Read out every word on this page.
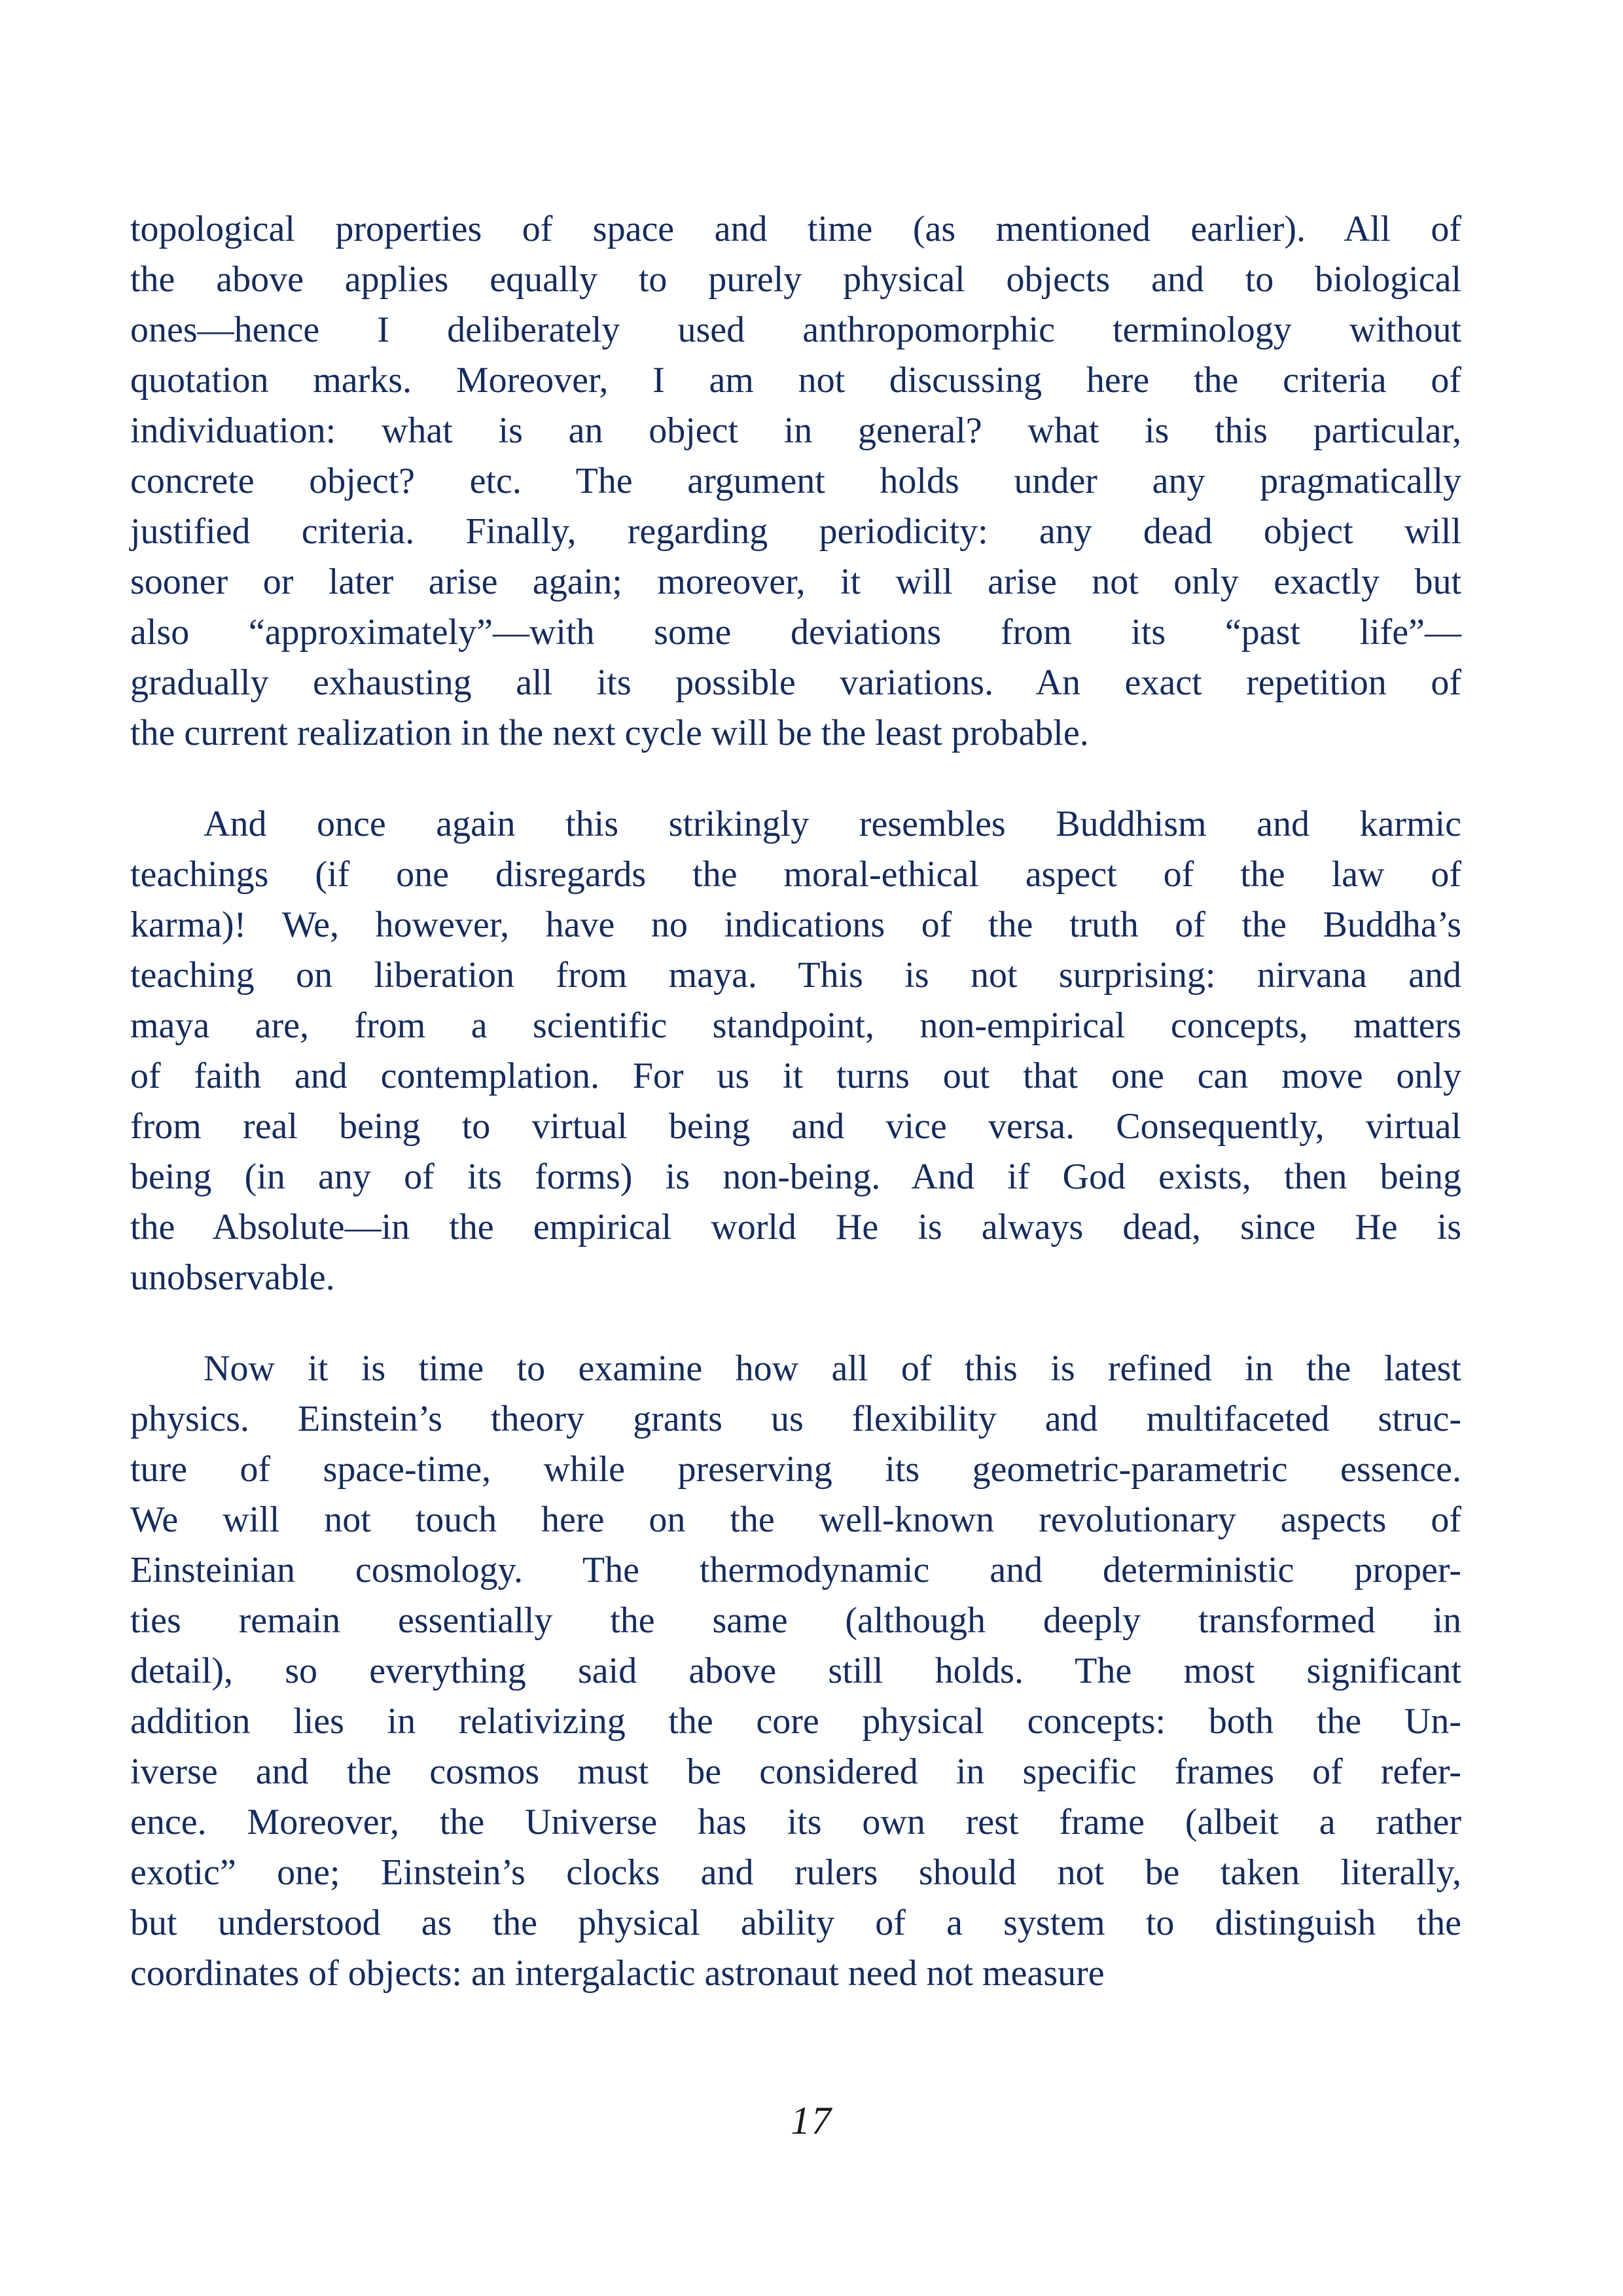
topological properties of space and time (as mentioned earlier). All of
the above applies equally to purely physical objects and to biological
ones—hence I deliberately used anthropomorphic terminology without
quotation marks. Moreover, I am not discussing here the criteria of
individuation: what is an object in general? what is this particular,
concrete object? etc. The argument holds under any pragmatically
justified criteria. Finally, regarding periodicity: any dead object will
sooner or later arise again; moreover, it will arise not only exactly but
also “approximately”—with some deviations from its “past life”—
gradually exhausting all its possible variations. An exact repetition of
the current realization in the next cycle will be the least probable.
And once again this strikingly resembles Buddhism and karmic
teachings (if one disregards the moral-ethical aspect of the law of
karma)! We, however, have no indications of the truth of the Buddha’s
teaching on liberation from maya. This is not surprising: nirvana and
maya are, from a scientific standpoint, non-empirical concepts, matters
of faith and contemplation. For us it turns out that one can move only
from real being to virtual being and vice versa. Consequently, virtual
being (in any of its forms) is non-being. And if God exists, then being
the Absolute—in the empirical world He is always dead, since He is
unobservable.
Now it is time to examine how all of this is refined in the latest
physics. Einstein’s theory grants us flexibility and multifaceted struc-
ture of space-time, while preserving its geometric-parametric essence.
We will not touch here on the well-known revolutionary aspects of
Einsteinian cosmology. The thermodynamic and deterministic proper-
ties remain essentially the same (although deeply transformed in
detail), so everything said above still holds. The most significant
addition lies in relativizing the core physical concepts: both the Un-
iverse and the cosmos must be considered in specific frames of refer-
ence. Moreover, the Universe has its own rest frame (albeit a rather
exotic” one; Einstein’s clocks and rulers should not be taken literally,
but understood as the physical ability of a system to distinguish the
coordinates of objects: an intergalactic astronaut need not measure
17
